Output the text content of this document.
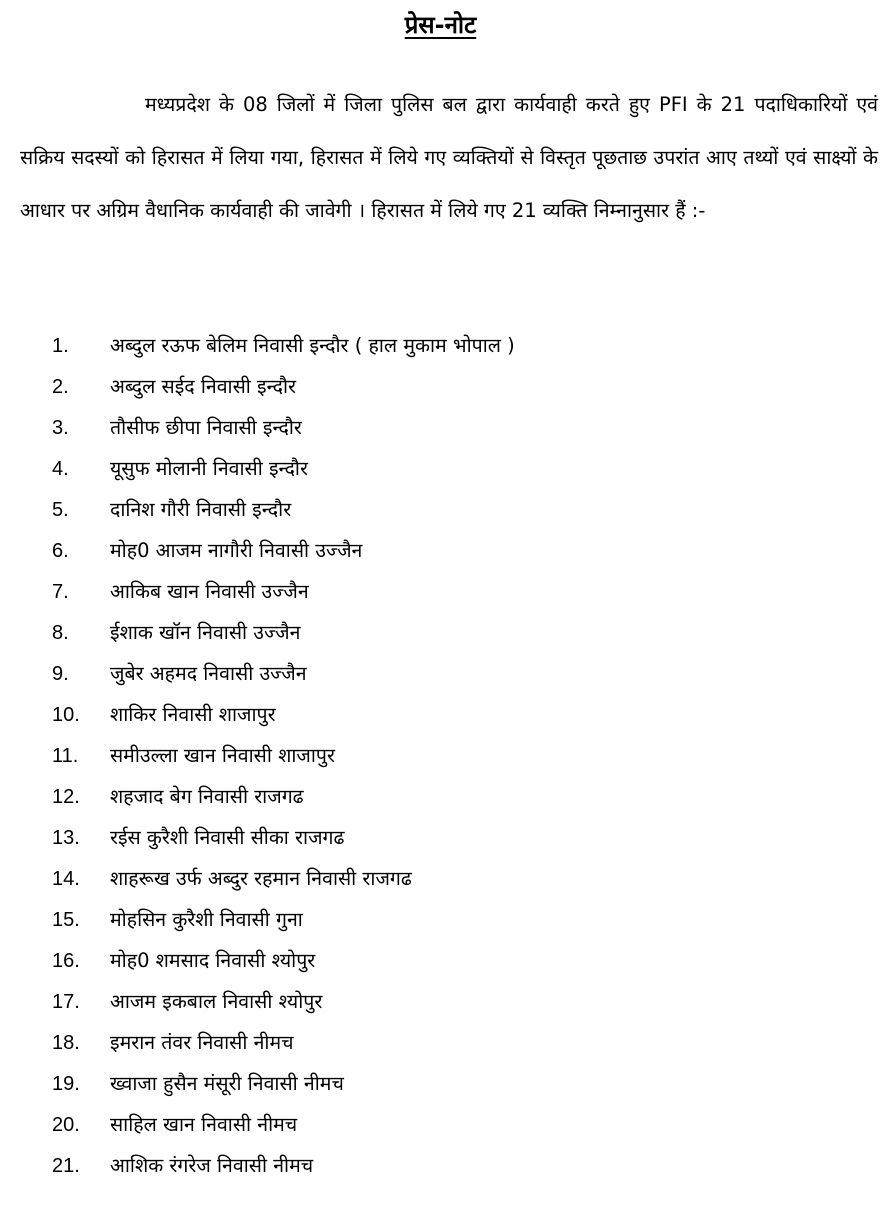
प्रेस-नोट
मध्यप्रदेश के 08 जिलों में जिला पुलिस बल द्वारा कार्यवाही करते हुए PFI के 21 पदाधिकारियों एवं सक्रिय सदस्यों को हिरासत में लिया गया, हिरासत में लिये गए व्यक्तियों से विस्तृत पूछताछ उपरांत आए तथ्यों एवं साक्ष्यों के आधार पर अग्रिम वैधानिक कार्यवाही की जावेगी । हिरासत में लिये गए 21 व्यक्ति निम्नानुसार हैं :-
1.	अब्दुल रऊफ बेलिम निवासी इन्दौर ( हाल मुकाम भोपाल )
2.	अब्दुल सईद निवासी इन्दौर
3.	तौसीफ छीपा निवासी इन्दौर
4.	यूसुफ मोलानी निवासी इन्दौर
5.	दानिश गौरी निवासी इन्दौर
6.	मोह0 आजम नागौरी निवासी उज्जैन
7.	आकिब खान निवासी उज्जैन
8.	ईशाक खॉन निवासी उज्जैन
9.	जुबेर अहमद निवासी उज्जैन
10.	शाकिर निवासी शाजापुर
11.	समीउल्ला खान निवासी शाजापुर
12.	शहजाद बेग निवासी राजगढ
13.	रईस कुरैशी निवासी सीका राजगढ
14.	शाहरूख उर्फ अब्दुर रहमान निवासी राजगढ
15.	मोहसिन कुरैशी निवासी गुना
16.	मोह0 शमसाद निवासी श्योपुर
17.	आजम इकबाल निवासी श्योपुर
18.	इमरान तंवर निवासी नीमच
19.	ख्वाजा हुसैन मंसूरी निवासी नीमच
20.	साहिल खान निवासी नीमच
21.	आशिक रंगरेज निवासी नीमच
